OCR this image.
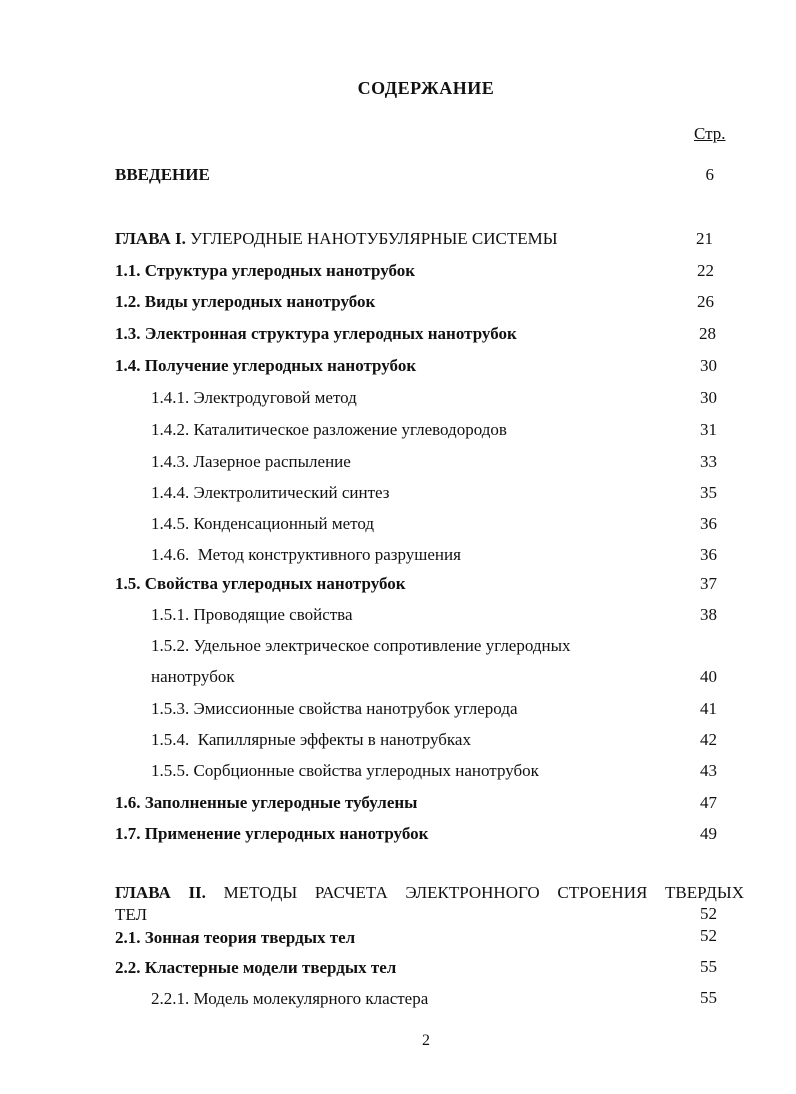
СОДЕРЖАНИЕ
Стр.
ВВЕДЕНИЕ	6
ГЛАВА I. УГЛЕРОДНЫЕ НАНОТУБУЛЯРНЫЕ СИСТЕМЫ	21
1.1. Структура углеродных нанотрубок	22
1.2. Виды углеродных нанотрубок	26
1.3. Электронная структура углеродных нанотрубок	28
1.4. Получение углеродных нанотрубок	30
1.4.1. Электродуговой метод	30
1.4.2. Каталитическое разложение углеводородов	31
1.4.3. Лазерное распыление	33
1.4.4. Электролитический синтез	35
1.4.5. Конденсационный метод	36
1.4.6.  Метод конструктивного разрушения	36
1.5. Свойства углеродных нанотрубок	37
1.5.1. Проводящие свойства	38
1.5.2. Удельное электрическое сопротивление углеродных
нанотрубок	40
1.5.3. Эмиссионные свойства нанотрубок углерода	41
1.5.4.  Капиллярные эффекты в нанотрубках	42
1.5.5. Сорбционные свойства углеродных нанотрубок	43
1.6. Заполненные углеродные тубулены	47
1.7. Применение углеродных нанотрубок	49
ГЛАВА II. МЕТОДЫ РАСЧЕТА ЭЛЕКТРОННОГО СТРОЕНИЯ ТВЕРДЫХ
ТЕЛ	52
2.1. Зонная теория твердых тел	52
2.2. Кластерные модели твердых тел	55
2.2.1. Модель молекулярного кластера	55
2
